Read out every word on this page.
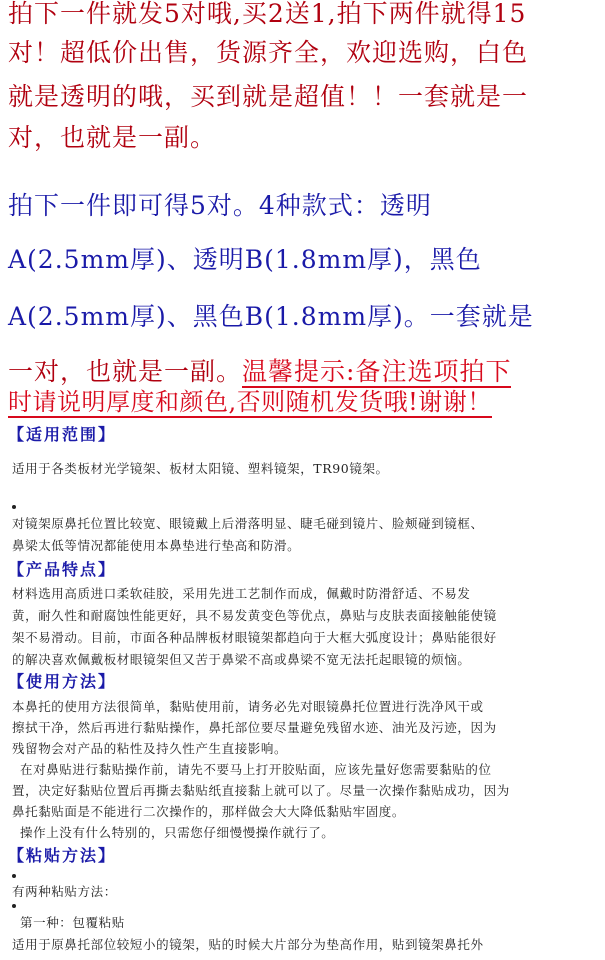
拍下一件就发5对哦,买2送1,拍下两件就得15
对！超低价出售，货源齐全，欢迎选购，白色
就是透明的哦，买到就是超值！！一套就是一
对，也就是一副。
拍下一件即可得5对。4种款式：透明
A(2.5mm厚)、透明B(1.8mm厚)，黑色
A(2.5mm厚)、黑色B(1.8mm厚)。一套就是
一对，也就是一副。温馨提示:备注选项拍下
时请说明厚度和颜色,否则随机发货哦!谢谢！
【适用范围】
适用于各类板材光学镜架、板材太阳镜、塑料镜架，TR90镜架。
对镜架原鼻托位置比较宽、眼镜戴上后滑落明显、睫毛碰到镜片、脸颊碰到镜框、
鼻梁太低等情况都能使用本鼻垫进行垫高和防滑。
【产品特点】
材料选用高质进口柔软硅胶，采用先进工艺制作而成，佩戴时防滑舒适、不易发
黄，耐久性和耐腐蚀性能更好，具不易发黄变色等优点，鼻贴与皮肤表面接触能使镜
架不易滑动。目前，市面各种品牌板材眼镜架都趋向于大框大弧度设计；鼻贴能很好
的解决喜欢佩戴板材眼镜架但又苦于鼻梁不高或鼻梁不宽无法托起眼镜的烦恼。
【使用方法】
本鼻托的使用方法很简单，黏贴使用前，请务必先对眼镜鼻托位置进行洗净风干或
擦拭干净，然后再进行黏贴操作，鼻托部位要尽量避免残留水迹、油光及污迹，因为
残留物会对产品的粘性及持久性产生直接影响。
在对鼻贴进行黏贴操作前，请先不要马上打开胶贴面，应该先量好您需要黏贴的位
置，决定好黏贴位置后再撕去黏贴纸直接黏上就可以了。尽量一次操作黏贴成功，因为
鼻托黏贴面是不能进行二次操作的，那样做会大大降低黏贴牢固度。
操作上没有什么特别的，只需您仔细慢慢操作就行了。
【粘贴方法】
有两种粘贴方法：
第一种：包覆粘贴
适用于原鼻托部位较短小的镜架，贴的时候大片部分为垫高作用，贴到镜架鼻托外
